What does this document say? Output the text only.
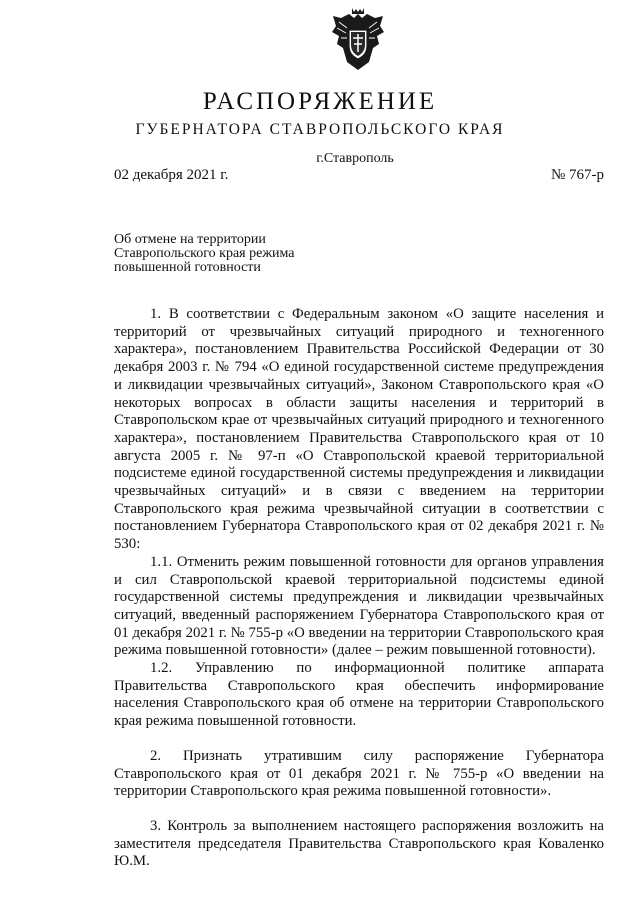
РАСПОРЯЖЕНИЕ
ГУБЕРНАТОРА СТАВРОПОЛЬСКОГО КРАЯ
г.Ставрополь
02 декабря 2021 г.	№ 767-р
Об отмене на территории
Ставропольского края режима
повышенной готовности

1. В соответствии с Федеральным законом «О защите населения и территорий от чрезвычайных ситуаций природного и техногенного характера», постановлением Правительства Российской Федерации от 30 декабря 2003 г. № 794 «О единой государственной системе предупреждения и ликвидации чрезвычайных ситуаций», Законом Ставропольского края «О некоторых вопросах в области защиты населения и территорий в Ставропольском крае от чрезвычайных ситуаций природного и техногенного характера», постановлением Правительства Ставропольского края от 10 августа 2005 г. № 97-п «О Ставропольской краевой территориальной подсистеме единой государственной системы предупреждения и ликвидации чрезвычайных ситуаций» и в связи с введением на территории Ставропольского края режима чрезвычайной ситуации в соответствии с постановлением Губернатора Ставропольского края от 02 декабря 2021 г. № 530:

1.1. Отменить режим повышенной готовности для органов управления и сил Ставропольской краевой территориальной подсистемы единой государственной системы предупреждения и ликвидации чрезвычайных ситуаций, введенный распоряжением Губернатора Ставропольского края от 01 декабря 2021 г. № 755-р «О введении на территории Ставропольского края режима повышенной готовности» (далее – режим повышенной готовности).

1.2. Управлению по информационной политике аппарата Правительства Ставропольского края обеспечить информирование населения Ставропольского края об отмене на территории Ставропольского края режима повышенной готовности.

2. Признать утратившим силу распоряжение Губернатора Ставропольского края от 01 декабря 2021 г. № 755-р «О введении на территории Ставропольского края режима повышенной готовности».

3. Контроль за выполнением настоящего распоряжения возложить на заместителя председателя Правительства Ставропольского края Коваленко Ю.М.
